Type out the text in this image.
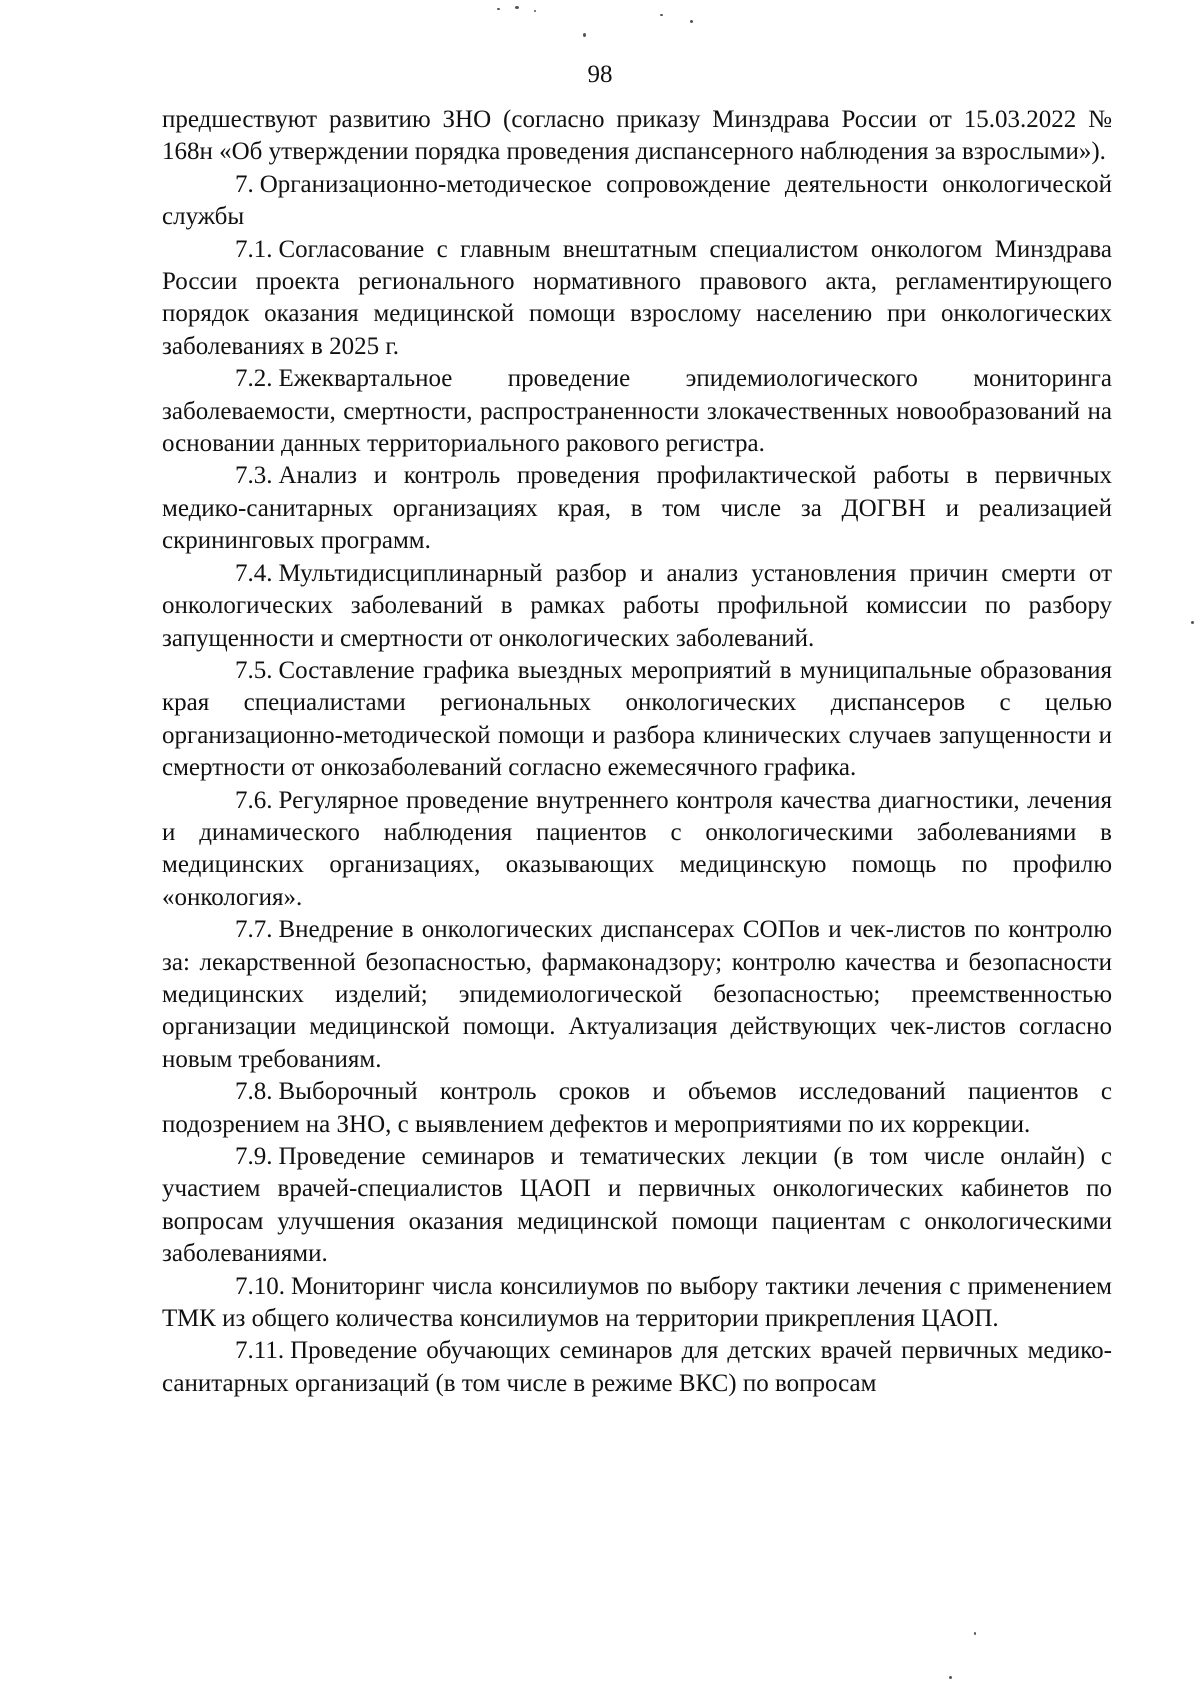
98

предшествуют развитию ЗНО (согласно приказу Минздрава России от 15.03.2022 № 168н «Об утверждении порядка проведения диспансерного наблюдения за взрослыми»).

7. Организационно-методическое сопровождение деятельности онкологической службы

7.1. Согласование с главным внештатным специалистом онкологом Минздрава России проекта регионального нормативного правового акта, регламентирующего порядок оказания медицинской помощи взрослому населению при онкологических заболеваниях в 2025 г.

7.2. Ежеквартальное проведение эпидемиологического мониторинга заболеваемости, смертности, распространенности злокачественных новообразований на основании данных территориального ракового регистра.

7.3. Анализ и контроль проведения профилактической работы в первичных медико-санитарных организациях края, в том числе за ДОГВН и реализацией скрининговых программ.

7.4. Мультидисциплинарный разбор и анализ установления причин смерти от онкологических заболеваний в рамках работы профильной комиссии по разбору запущенности и смертности от онкологических заболеваний.

7.5. Составление графика выездных мероприятий в муниципальные образования края специалистами региональных онкологических диспансеров с целью организационно-методической помощи и разбора клинических случаев запущенности и смертности от онкозаболеваний согласно ежемесячного графика.

7.6. Регулярное проведение внутреннего контроля качества диагностики, лечения и динамического наблюдения пациентов с онкологическими заболеваниями в медицинских организациях, оказывающих медицинскую помощь по профилю «онкология».

7.7. Внедрение в онкологических диспансерах СОПов и чек-листов по контролю за: лекарственной безопасностью, фармаконадзору; контролю качества и безопасности медицинских изделий; эпидемиологической безопасностью; преемственностью организации медицинской помощи. Актуализация действующих чек-листов согласно новым требованиям.

7.8. Выборочный контроль сроков и объемов исследований пациентов с подозрением на ЗНО, с выявлением дефектов и мероприятиями по их коррекции.

7.9. Проведение семинаров и тематических лекции (в том числе онлайн) с участием врачей-специалистов ЦАОП и первичных онкологических кабинетов по вопросам улучшения оказания медицинской помощи пациентам с онкологическими заболеваниями.

7.10. Мониторинг числа консилиумов по выбору тактики лечения с применением ТМК из общего количества консилиумов на территории прикрепления ЦАОП.

7.11. Проведение обучающих семинаров для детских врачей первичных медико-санитарных организаций (в том числе в режиме ВКС) по вопросам
